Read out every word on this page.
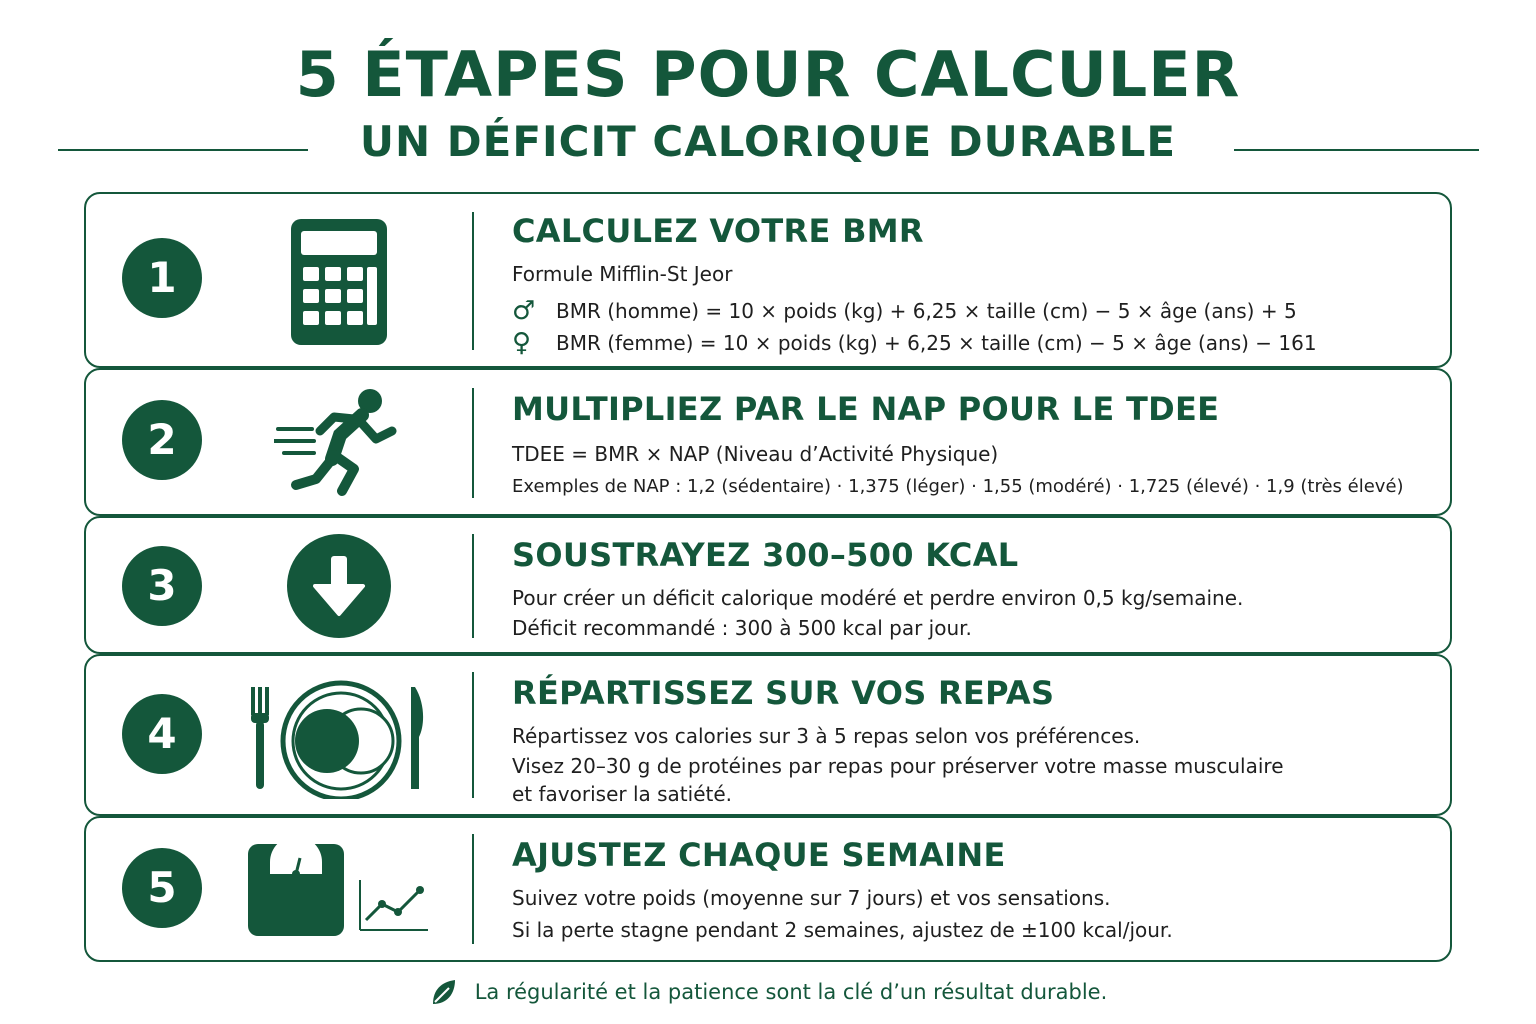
5 ÉTAPES POUR CALCULER
UN DÉFICIT CALORIQUE DURABLE
1
CALCULEZ VOTRE BMR
Formule Mifflin-St Jeor
♂	BMR (homme) = 10 × poids (kg) + 6,25 × taille (cm) − 5 × âge (ans) + 5
♀	BMR (femme) = 10 × poids (kg) + 6,25 × taille (cm) − 5 × âge (ans) − 161
2
MULTIPLIEZ PAR LE NAP POUR LE TDEE
TDEE = BMR × NAP (Niveau d’Activité Physique)
Exemples de NAP : 1,2 (sédentaire) · 1,375 (léger) · 1,55 (modéré) · 1,725 (élevé) · 1,9 (très élevé)
3
SOUSTRAYEZ 300–500 KCAL
Pour créer un déficit calorique modéré et perdre environ 0,5 kg/semaine.
Déficit recommandé : 300 à 500 kcal par jour.
4
RÉPARTISSEZ SUR VOS REPAS
Répartissez vos calories sur 3 à 5 repas selon vos préférences.
Visez 20–30 g de protéines par repas pour préserver votre masse musculaire
et favoriser la satiété.
5
AJUSTEZ CHAQUE SEMAINE
Suivez votre poids (moyenne sur 7 jours) et vos sensations.
Si la perte stagne pendant 2 semaines, ajustez de ±100 kcal/jour.
La régularité et la patience sont la clé d’un résultat durable.
